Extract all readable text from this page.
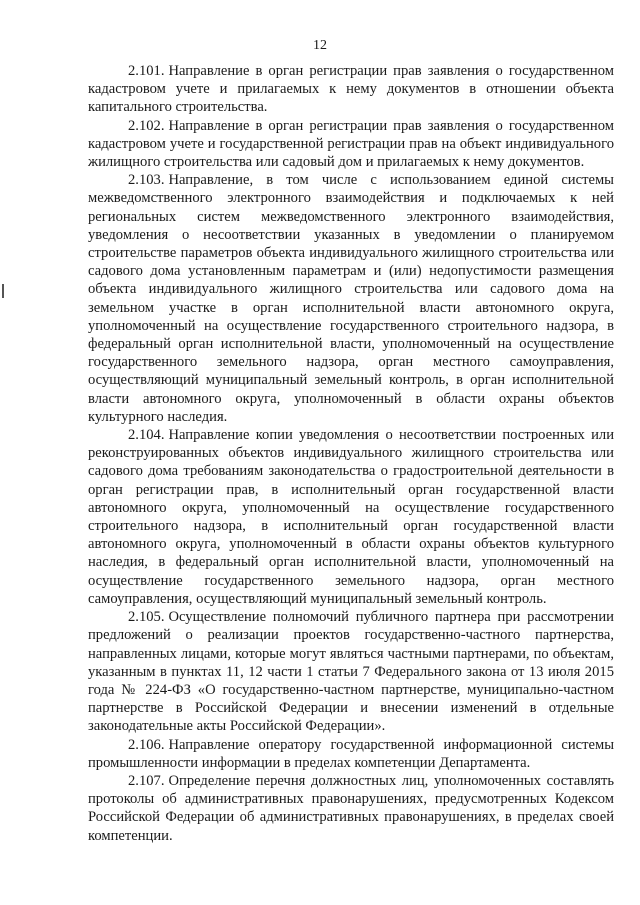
12

2.101. Направление в орган регистрации прав заявления о государственном кадастровом учете и прилагаемых к нему документов в отношении объекта капитального строительства.

2.102. Направление в орган регистрации прав заявления о государственном кадастровом учете и государственной регистрации прав на объект индивидуального жилищного строительства или садовый дом и прилагаемых к нему документов.

2.103. Направление, в том числе с использованием единой системы межведомственного электронного взаимодействия и подключаемых к ней региональных систем межведомственного электронного взаимодействия, уведомления о несоответствии указанных в уведомлении о планируемом строительстве параметров объекта индивидуального жилищного строительства или садового дома установленным параметрам и (или) недопустимости размещения объекта индивидуального жилищного строительства или садового дома на земельном участке в орган исполнительной власти автономного округа, уполномоченный на осуществление государственного строительного надзора, в федеральный орган исполнительной власти, уполномоченный на осуществление государственного земельного надзора, орган местного самоуправления, осуществляющий муниципальный земельный контроль, в орган исполнительной власти автономного округа, уполномоченный в области охраны объектов культурного наследия.

2.104. Направление копии уведомления о несоответствии построенных или реконструированных объектов индивидуального жилищного строительства или садового дома требованиям законодательства о градостроительной деятельности в орган регистрации прав, в исполнительный орган государственной власти автономного округа, уполномоченный на осуществление государственного строительного надзора, в исполнительный орган государственной власти автономного округа, уполномоченный в области охраны объектов культурного наследия, в федеральный орган исполнительной власти, уполномоченный на осуществление государственного земельного надзора, орган местного самоуправления, осуществляющий муниципальный земельный контроль.

2.105. Осуществление полномочий публичного партнера при рассмотрении предложений о реализации проектов государственно-частного партнерства, направленных лицами, которые могут являться частными партнерами, по объектам, указанным в пунктах 11, 12 части 1 статьи 7 Федерального закона от 13 июля 2015 года № 224-ФЗ «О государственно-частном партнерстве, муниципально-частном партнерстве в Российской Федерации и внесении изменений в отдельные законодательные акты Российской Федерации».

2.106. Направление оператору государственной информационной системы промышленности информации в пределах компетенции Департамента.

2.107. Определение перечня должностных лиц, уполномоченных составлять протоколы об административных правонарушениях, предусмотренных Кодексом Российской Федерации об административных правонарушениях, в пределах своей компетенции.
